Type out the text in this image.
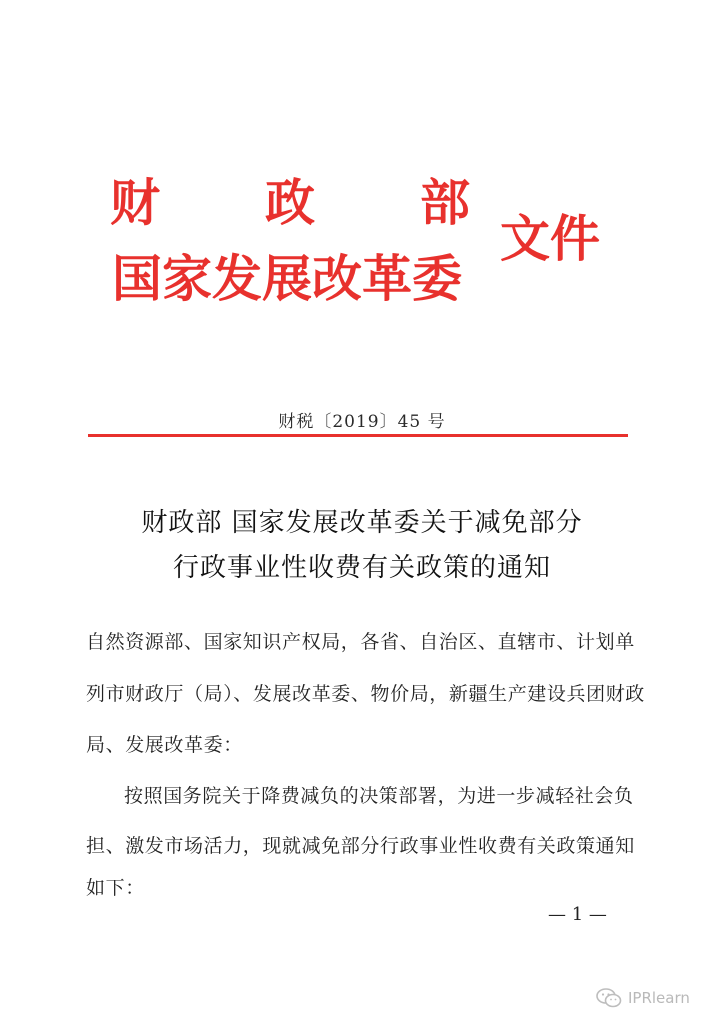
财 政 部
国家发展改革委
文件
财税〔2019〕45 号
财政部 国家发展改革委关于减免部分
行政事业性收费有关政策的通知
自然资源部、国家知识产权局，各省、自治区、直辖市、计划单
列市财政厅（局）、发展改革委、物价局，新疆生产建设兵团财政
局、发展改革委：
按照国务院关于降费减负的决策部署，为进一步减轻社会负
担、激发市场活力，现就减免部分行政事业性收费有关政策通知
如下：
— 1 —
IPRlearn
